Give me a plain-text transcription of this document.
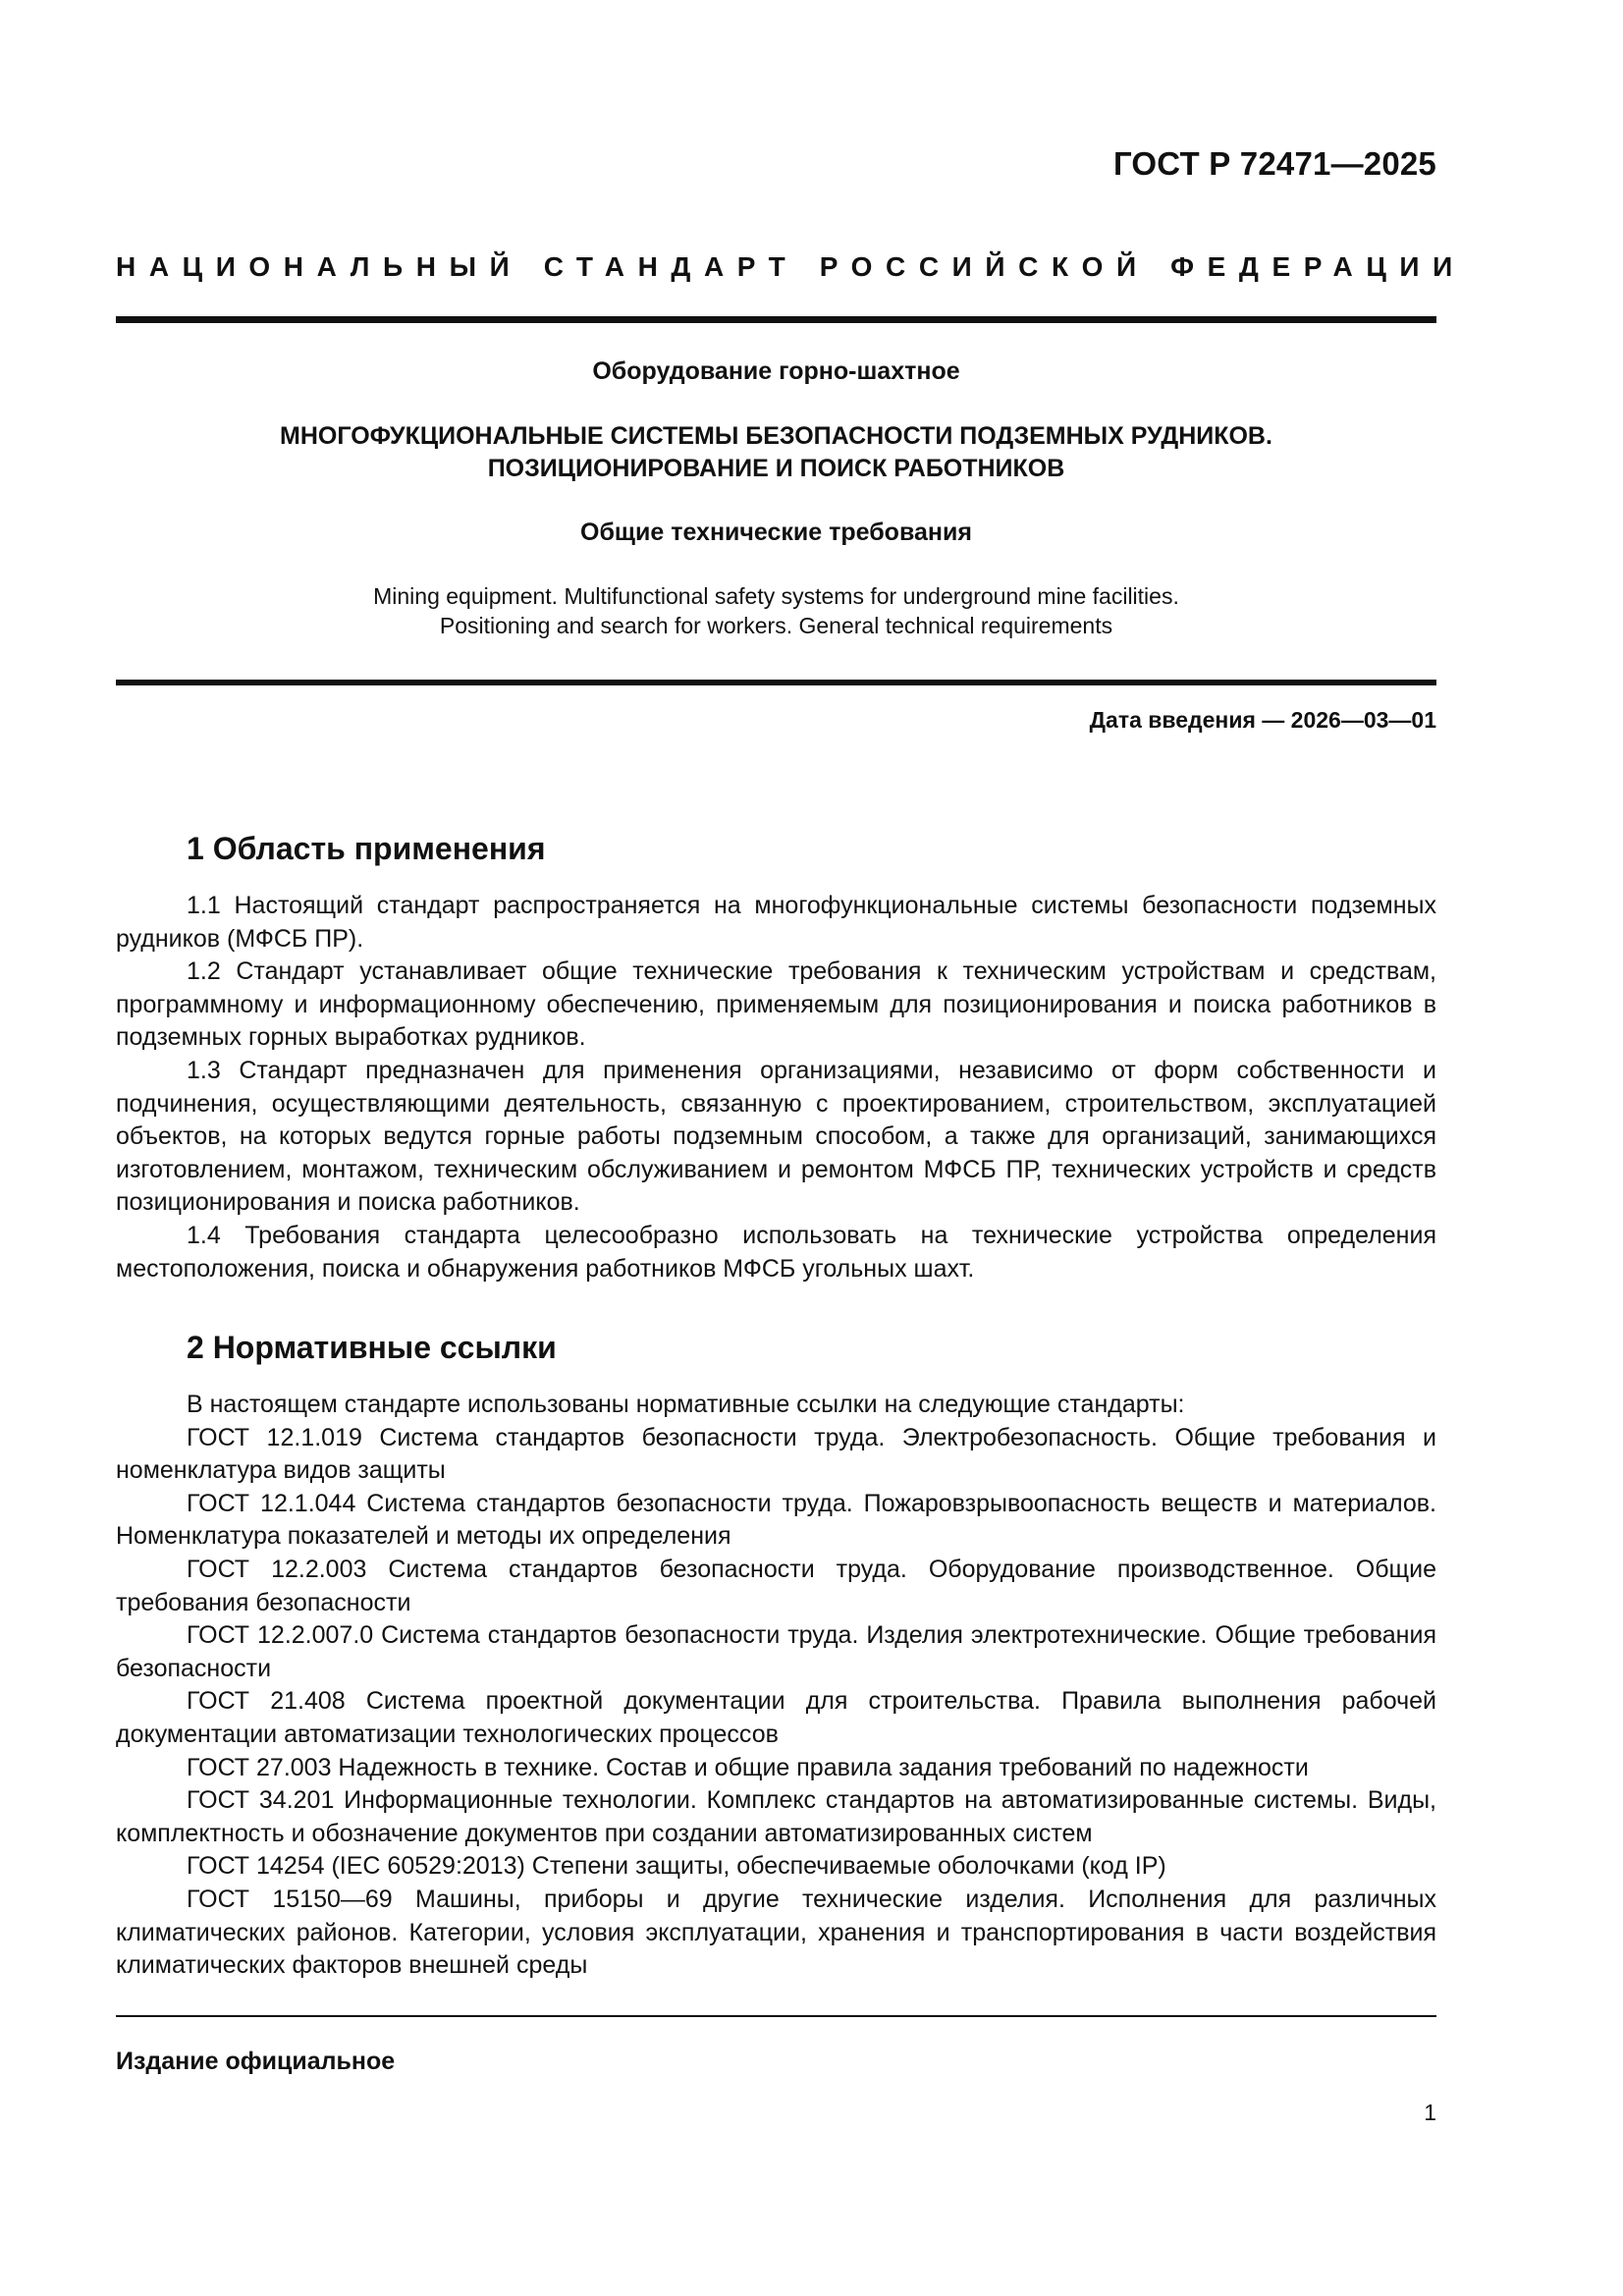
ГОСТ Р 72471—2025
НАЦИОНАЛЬНЫЙ СТАНДАРТ РОССИЙСКОЙ ФЕДЕРАЦИИ
Оборудование горно-шахтное
МНОГОФУКЦИОНАЛЬНЫЕ СИСТЕМЫ БЕЗОПАСНОСТИ ПОДЗЕМНЫХ РУДНИКОВ.
ПОЗИЦИОНИРОВАНИЕ И ПОИСК РАБОТНИКОВ
Общие технические требования
Mining equipment. Multifunctional safety systems for underground mine facilities.
Positioning and search for workers. General technical requirements
Дата введения — 2026—03—01
1 Область применения

1.1 Настоящий стандарт распространяется на многофункциональные системы безопасности подземных рудников (МФСБ ПР).

1.2 Стандарт устанавливает общие технические требования к техническим устройствам и средствам, программному и информационному обеспечению, применяемым для позиционирования и поиска работников в подземных горных выработках рудников.

1.3 Стандарт предназначен для применения организациями, независимо от форм собственности и подчинения, осуществляющими деятельность, связанную с проектированием, строительством, эксплуатацией объектов, на которых ведутся горные работы подземным способом, а также для организаций, занимающихся изготовлением, монтажом, техническим обслуживанием и ремонтом МФСБ ПР, технических устройств и средств позиционирования и поиска работников.

1.4 Требования стандарта целесообразно использовать на технические устройства определения местоположения, поиска и обнаружения работников МФСБ угольных шахт.

2 Нормативные ссылки

В настоящем стандарте использованы нормативные ссылки на следующие стандарты:

ГОСТ 12.1.019 Система стандартов безопасности труда. Электробезопасность. Общие требования и номенклатура видов защиты

ГОСТ 12.1.044 Система стандартов безопасности труда. Пожаровзрывоопасность веществ и материалов. Номенклатура показателей и методы их определения

ГОСТ 12.2.003 Система стандартов безопасности труда. Оборудование производственное. Общие требования безопасности

ГОСТ 12.2.007.0 Система стандартов безопасности труда. Изделия электротехнические. Общие требования безопасности

ГОСТ 21.408 Система проектной документации для строительства. Правила выполнения рабочей документации автоматизации технологических процессов

ГОСТ 27.003 Надежность в технике. Состав и общие правила задания требований по надежности

ГОСТ 34.201 Информационные технологии. Комплекс стандартов на автоматизированные системы. Виды, комплектность и обозначение документов при создании автоматизированных систем

ГОСТ 14254 (IEC 60529:2013) Степени защиты, обеспечиваемые оболочками (код IP)

ГОСТ 15150—69 Машины, приборы и другие технические изделия. Исполнения для различных климатических районов. Категории, условия эксплуатации, хранения и транспортирования в части воздействия климатических факторов внешней среды

Издание официальное
1
